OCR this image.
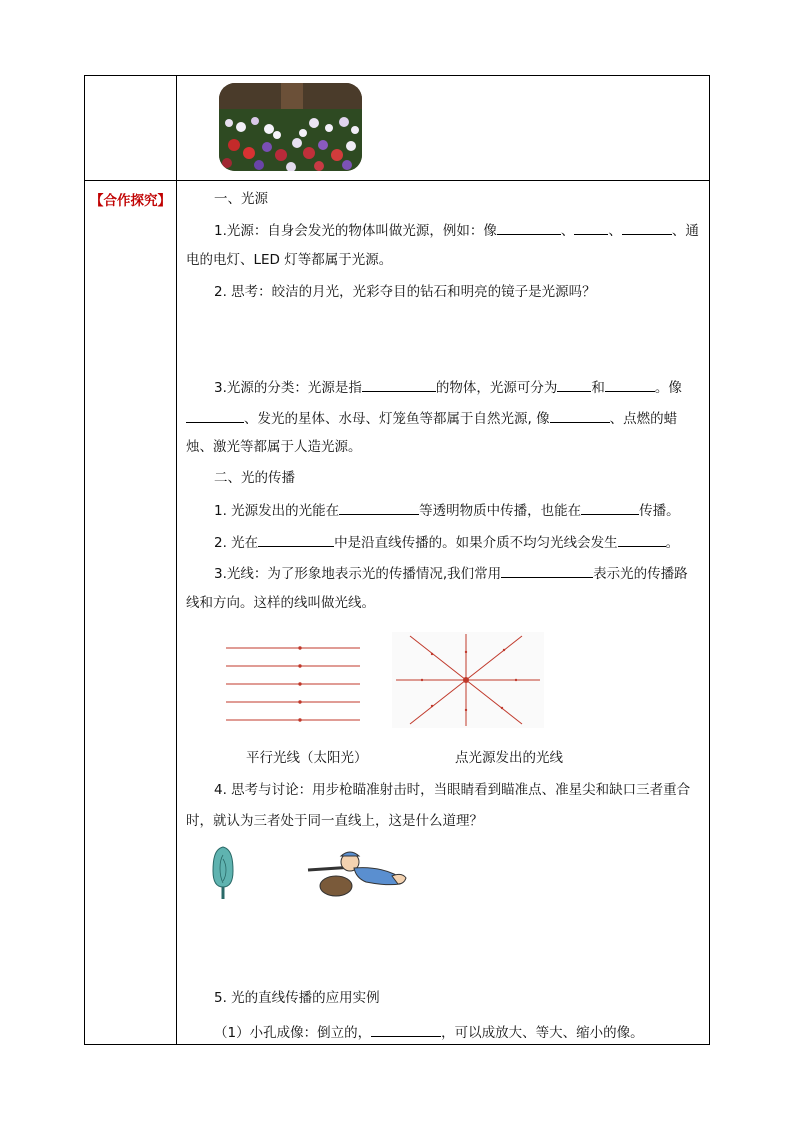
【合作探究】	一、光源
1.光源：自身会发光的物体叫做光源，例如：像	、	、	、通
电的电灯、LED 灯等都属于光源。
2. 思考：皎洁的月光，光彩夺目的钻石和明亮的镜子是光源吗？
3.光源的分类：光源是指	的物体，光源可分为	和	。像
、发光的星体、水母、灯笼鱼等都属于自然光源, 像	、点燃的蜡
烛、激光等都属于人造光源。
二、光的传播
1. 光源发出的光能在	等透明物质中传播，也能在	传播。
2. 光在	中是沿直线传播的。如果介质不均匀光线会发生	。
3.光线：为了形象地表示光的传播情况,我们常用	表示光的传播路
线和方向。这样的线叫做光线。
平行光线（太阳光）	点光源发出的光线
4. 思考与讨论：用步枪瞄准射击时，当眼睛看到瞄准点、准星尖和缺口三者重合
时，就认为三者处于同一直线上，这是什么道理？
5. 光的直线传播的应用实例
（1）小孔成像：倒立的，	，可以成放大、等大、缩小的像。
